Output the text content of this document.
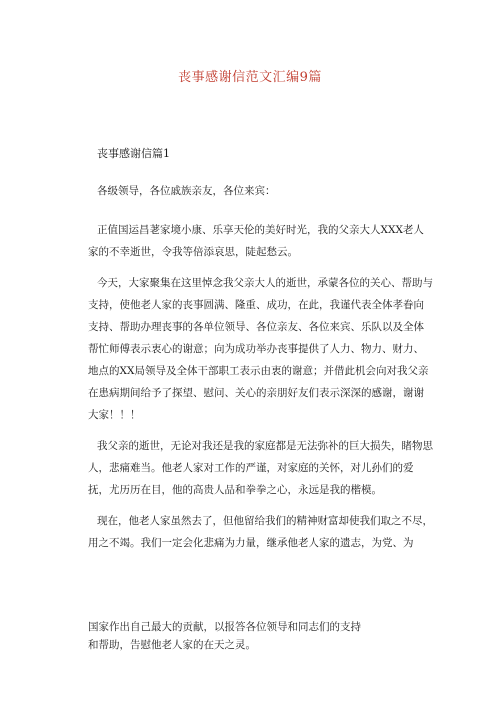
丧事感谢信范文汇编9篇
丧事感谢信篇1

各级领导，各位戚族亲友，各位来宾：

正值国运昌荖家境小康、乐享天伦的美好时光，我的父亲大人XXX老人家的不幸逝世，令我等倍添哀思，陡起愁云。

今天，大家聚集在这里悼念我父亲大人的逝世，承蒙各位的关心、帮助与支持，使他老人家的丧事圆满、隆重、成功，在此，我谨代表全体孝眷向支持、帮助办理丧事的各单位领导、各位亲友、各位来宾、乐队以及全体帮忙师傅表示衷心的谢意；向为成功举办丧事提供了人力、物力、财力、地点的XX局领导及全体干部职工表示由衷的谢意；并借此机会向对我父亲在患病期间给予了探望、慰问、关心的亲朋好友们表示深深的感谢，谢谢大家！！！

我父亲的逝世，无论对我还是我的家庭都是无法弥补的巨大损失，睹物思人，悲痛难当。他老人家对工作的严谨，对家庭的关怀，对儿孙们的爱抚，尤历历在目，他的高贵人品和拳拳之心，永远是我的楷模。

现在，他老人家虽然去了，但他留给我们的精神财富却使我们取之不尽，用之不竭。我们一定会化悲痛为力量，继承他老人家的遗志，为党、为

国家作出自己最大的贡献，以报答各位领导和同志们的支持

和帮助，告慰他老人家的在天之灵。
